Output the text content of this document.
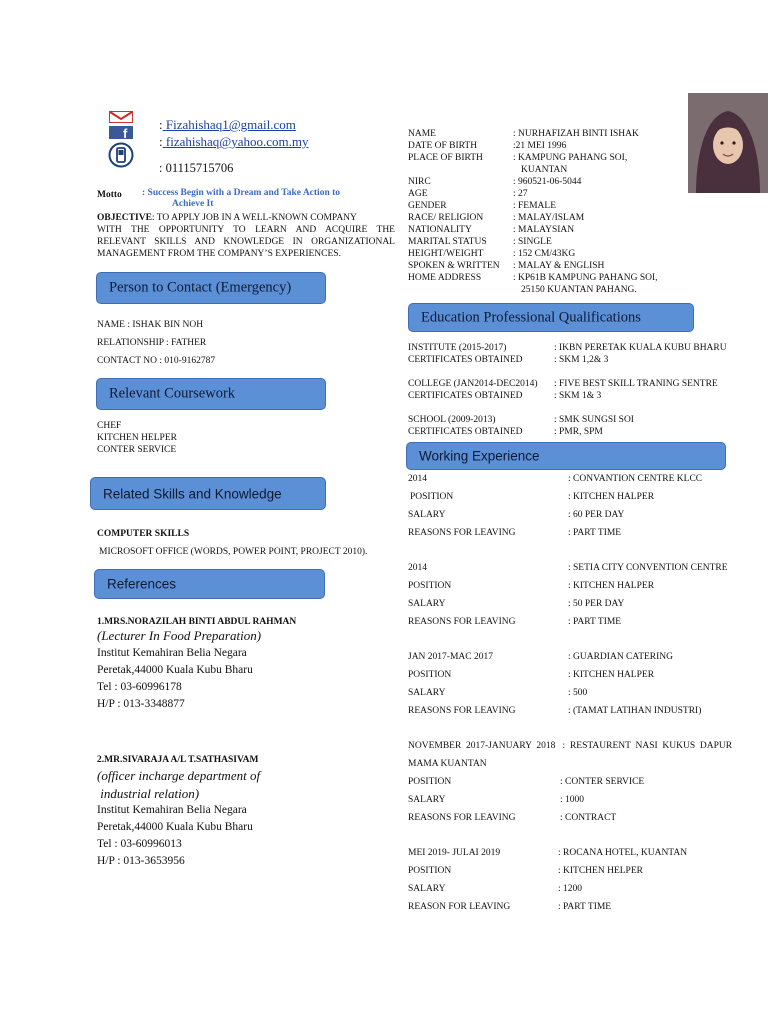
f
: Fizahishaq1@gmail.com
: fizahishaq@yahoo.com.my
: 01115715706
Motto : Success Begin with a Dream and Take Action to
Achieve It
OBJECTIVE: TO APPLY JOB IN A WELL-KNOWN COMPANY
WITH THE OPPORTUNITY TO LEARN AND ACQUIRE THE
RELEVANT SKILLS AND KNOWLEDGE IN ORGANIZATIONAL
MANAGEMENT FROM THE COMPANY’S EXPERIENCES.
NAME	: NURHAFIZAH BINTI ISHAK
DATE OF BIRTH	:21 MEI 1996
PLACE OF BIRTH	: KAMPUNG PAHANG SOI,
KUANTAN
NIRC	: 960521-06-5044
AGE	: 27
GENDER	: FEMALE
RACE/ RELIGION	: MALAY/ISLAM
NATIONALITY	: MALAYSIAN
MARITAL STATUS	: SINGLE
HEIGHT/WEIGHT	: 152 CM/43KG
SPOKEN & WRITTEN	: MALAY & ENGLISH
HOME ADDRESS	: KP61B KAMPUNG PAHANG SOI,
25150 KUANTAN PAHANG.
Person to Contact (Emergency)
NAME : ISHAK BIN NOH
RELATIONSHIP : FATHER
CONTACT NO : 010-9162787
Relevant Coursework
CHEF
KITCHEN HELPER
CONTER SERVICE
Related Skills and Knowledge
COMPUTER SKILLS
MICROSOFT OFFICE (WORDS, POWER POINT, PROJECT 2010).
References
1.MRS.NORAZILAH BINTI ABDUL RAHMAN
(Lecturer In Food Preparation)
Institut Kemahiran Belia Negara
Peretak,44000 Kuala Kubu Bharu
Tel : 03-60996178
H/P : 013-3348877
2.MR.SIVARAJA A/L T.SATHASIVAM
(officer incharge department of
industrial relation)
Institut Kemahiran Belia Negara
Peretak,44000 Kuala Kubu Bharu
Tel : 03-60996013
H/P : 013-3653956
Education Professional Qualifications
INSTITUTE (2015-2017)	: IKBN PERETAK KUALA KUBU BHARU
CERTIFICATES OBTAINED	: SKM 1,2& 3
COLLEGE (JAN2014-DEC2014)	: FIVE BEST SKILL TRANING SENTRE
CERTIFICATES OBTAINED	: SKM 1& 3
SCHOOL (2009-2013)	: SMK SUNGSI SOI
CERTIFICATES OBTAINED	: PMR, SPM
Working Experience
2014	: CONVANTION CENTRE KLCC
POSITION	: KITCHEN HALPER
SALARY	: 60 PER DAY
REASONS FOR LEAVING	: PART TIME
2014	: SETIA CITY CONVENTION CENTRE
POSITION	: KITCHEN HALPER
SALARY	: 50 PER DAY
REASONS FOR LEAVING	: PART TIME
JAN 2017-MAC 2017	: GUARDIAN CATERING
POSITION	: KITCHEN HALPER
SALARY	: 500
REASONS FOR LEAVING	: (TAMAT LATIHAN INDUSTRI)
NOVEMBER  2017-JANUARY  2018   :  RESTAURENT  NASI  KUKUS  DAPUR
MAMA KUANTAN
POSITION	: CONTER SERVICE
SALARY	: 1000
REASONS FOR LEAVING	: CONTRACT
MEI 2019- JULAI 2019	: ROCANA HOTEL, KUANTAN
POSITION	: KITCHEN HELPER
SALARY	: 1200
REASON FOR LEAVING	: PART TIME
